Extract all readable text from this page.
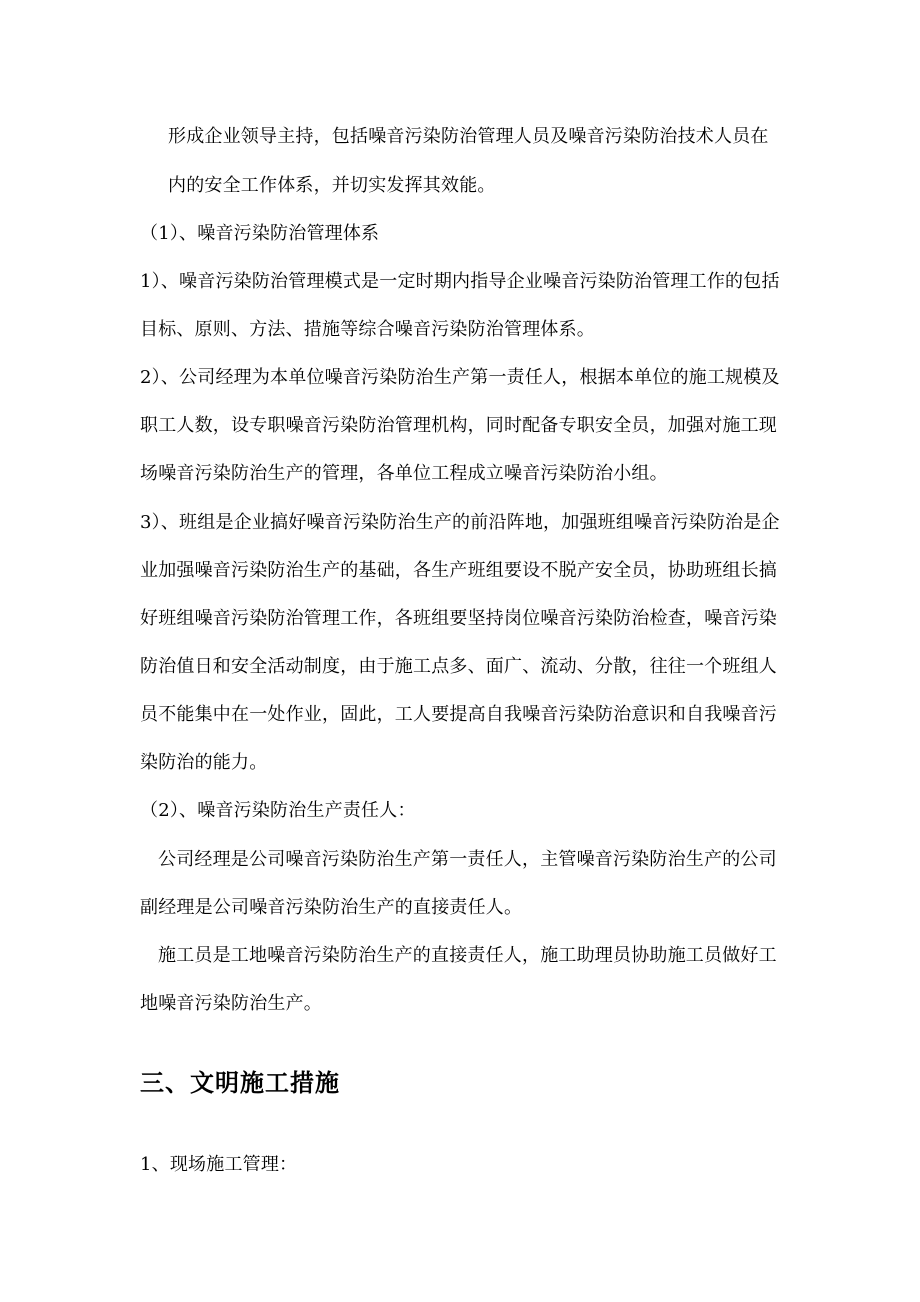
形成企业领导主持，包括噪音污染防治管理人员及噪音污染防治技术人员在
内的安全工作体系，并切实发挥其效能。
（1）、噪音污染防治管理体系
1）、噪音污染防治管理模式是一定时期内指导企业噪音污染防治管理工作的包括
目标、原则、方法、措施等综合噪音污染防治管理体系。
2）、公司经理为本单位噪音污染防治生产第一责任人，根据本单位的施工规模及
职工人数，设专职噪音污染防治管理机构，同时配备专职安全员，加强对施工现
场噪音污染防治生产的管理，各单位工程成立噪音污染防治小组。
3）、班组是企业搞好噪音污染防治生产的前沿阵地，加强班组噪音污染防治是企
业加强噪音污染防治生产的基础，各生产班组要设不脱产安全员，协助班组长搞
好班组噪音污染防治管理工作，各班组要坚持岗位噪音污染防治检查，噪音污染
防治值日和安全活动制度，由于施工点多、面广、流动、分散，往往一个班组人
员不能集中在一处作业，固此，工人要提高自我噪音污染防治意识和自我噪音污
染防治的能力。
（2）、噪音污染防治生产责任人：
公司经理是公司噪音污染防治生产第一责任人，主管噪音污染防治生产的公司
副经理是公司噪音污染防治生产的直接责任人。
施工员是工地噪音污染防治生产的直接责任人，施工助理员协助施工员做好工
地噪音污染防治生产。
三、文明施工措施
1、现场施工管理：
